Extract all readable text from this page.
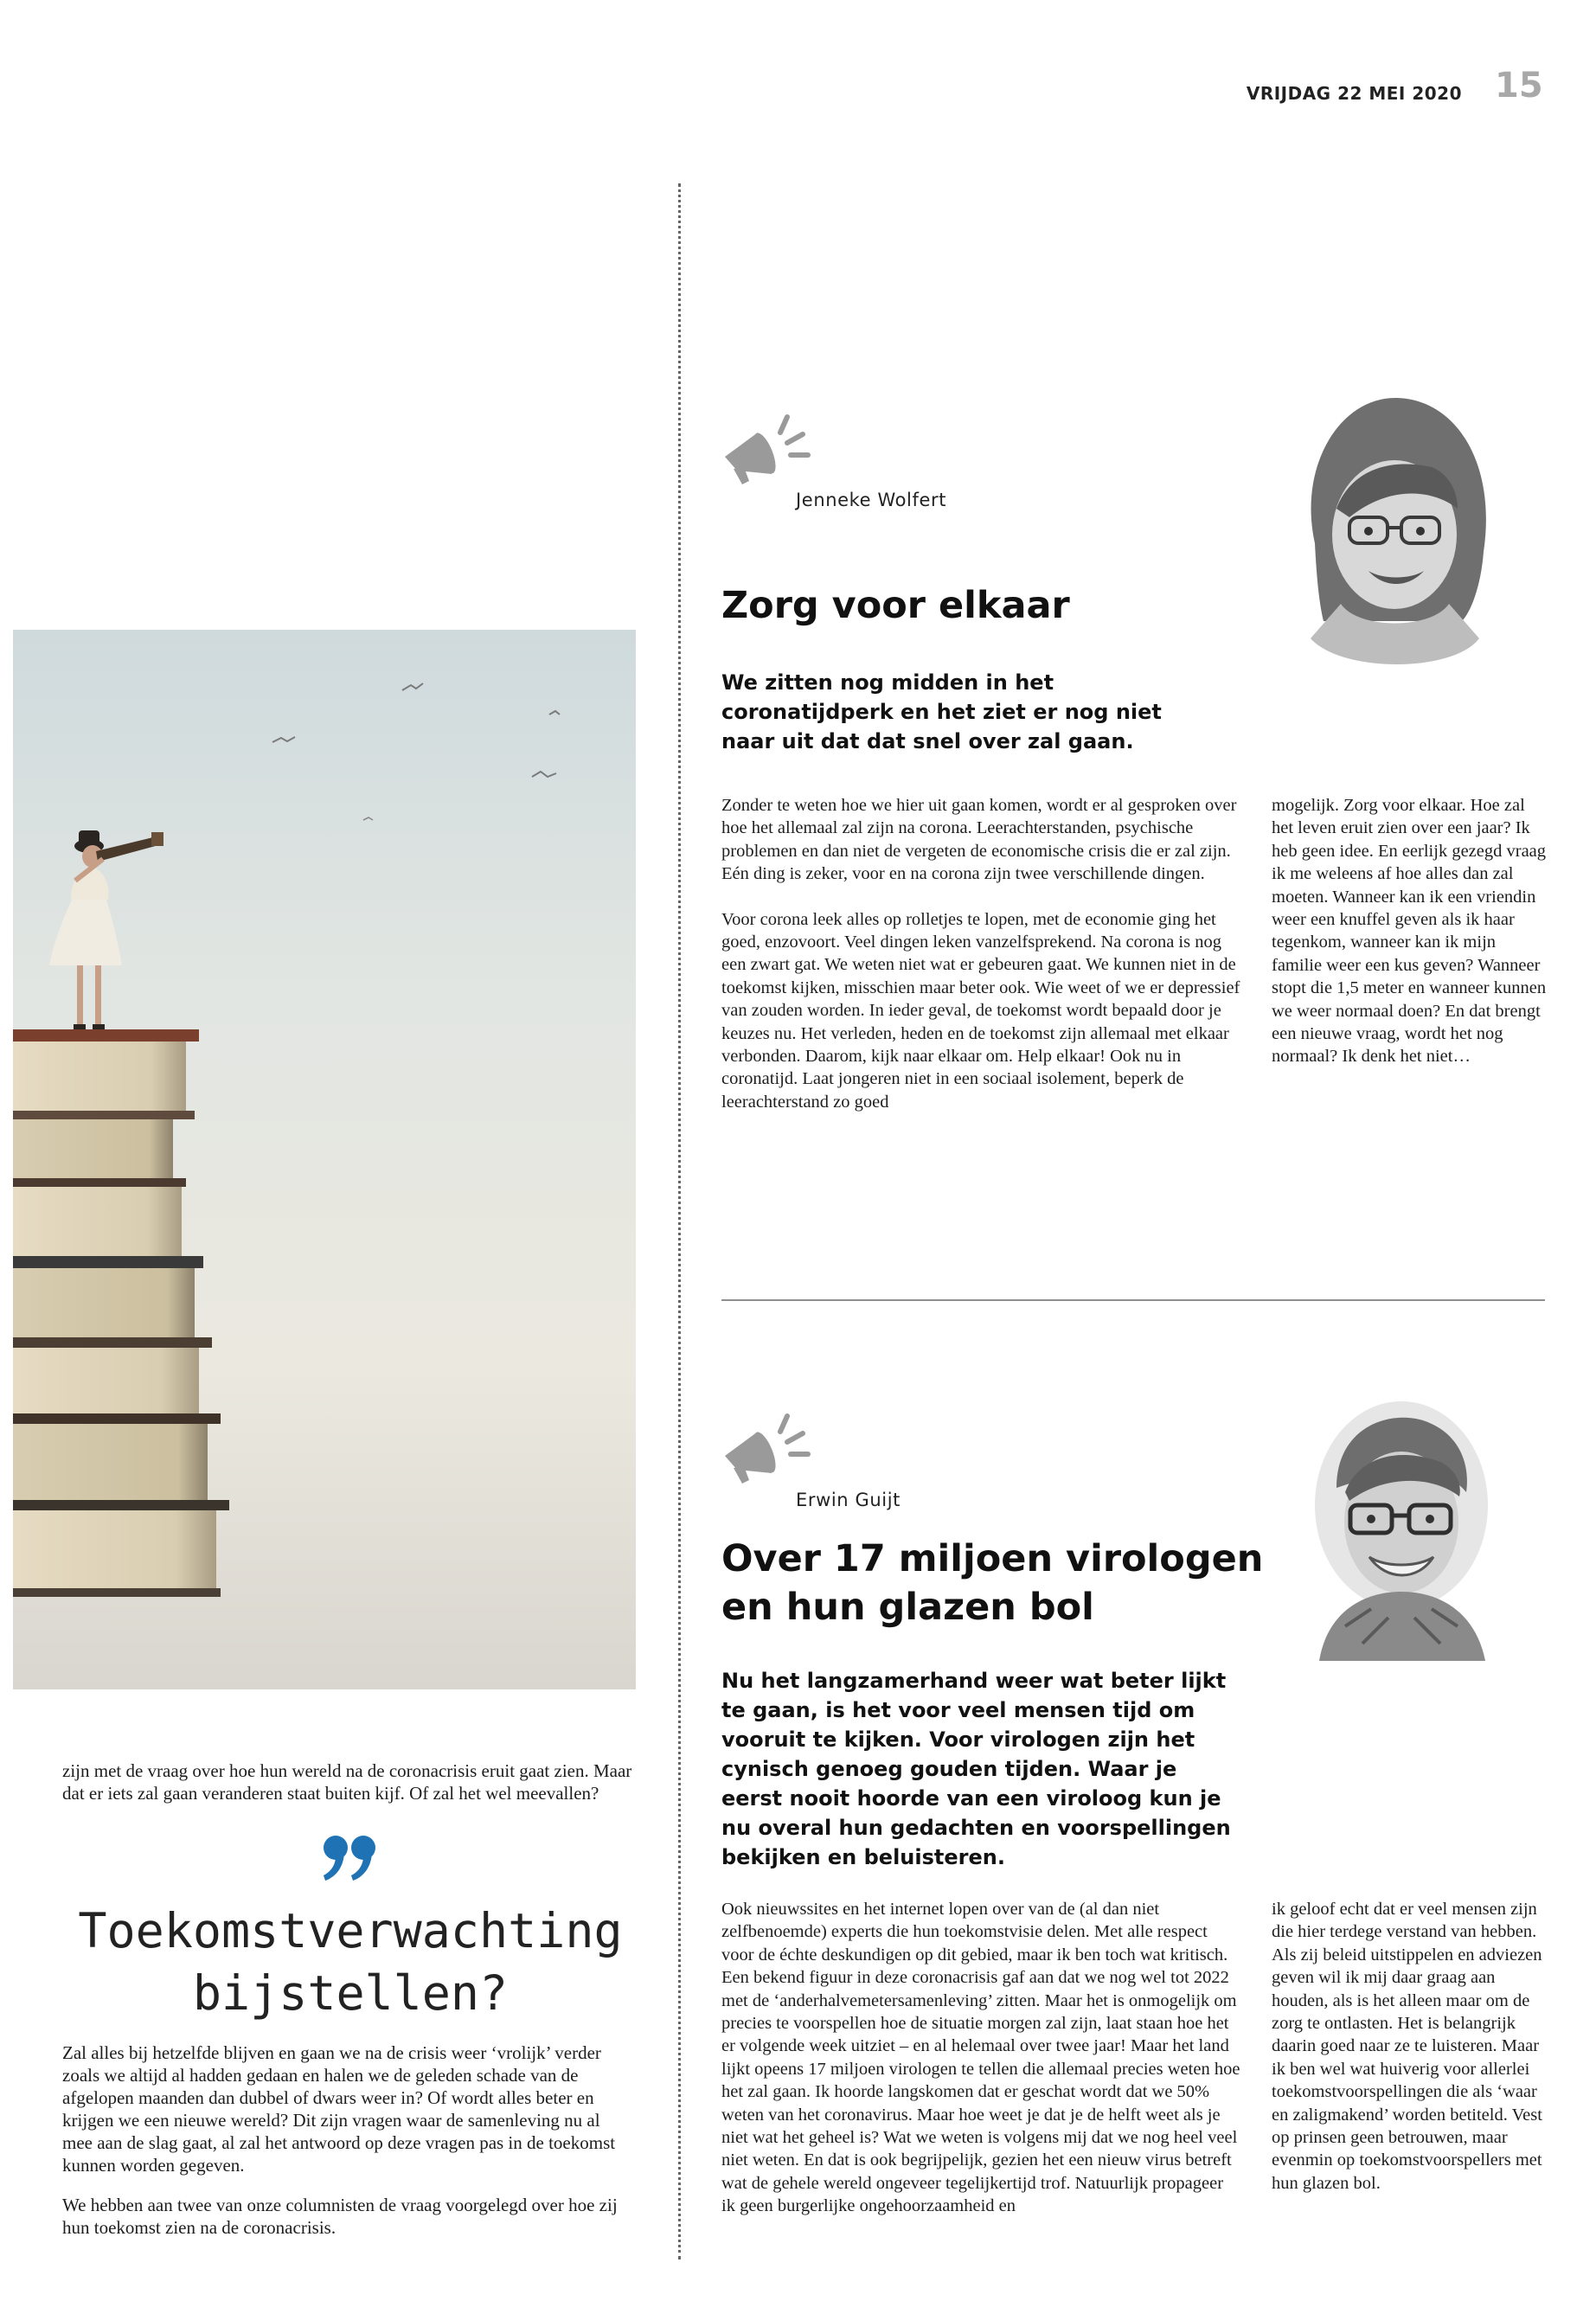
VRIJDAG 22 MEI 2020 15
zijn met de vraag over hoe hun wereld na de coronacrisis eruit gaat zien. Maar dat er iets zal gaan veranderen staat buiten kijf. Of zal het wel meevallen?
Toekomstverwachting
bijstellen?
Zal alles bij hetzelfde blijven en gaan we na de crisis weer ‘vrolijk’ verder zoals we altijd al hadden gedaan en halen we de geleden schade van de afgelopen maanden dan dubbel of dwars weer in? Of wordt alles beter en krijgen we een nieuwe wereld? Dit zijn vragen waar de samenleving nu al mee aan de slag gaat, al zal het antwoord op deze vragen pas in de toekomst kunnen worden gegeven.
We hebben aan twee van onze columnisten de vraag voorgelegd over hoe zij hun toekomst zien na de coronacrisis.
Jenneke Wolfert
Zorg voor elkaar
We zitten nog midden in het coronatijdperk en het ziet er nog niet naar uit dat dat snel over zal gaan.

Zonder te weten hoe we hier uit gaan komen, wordt er al gesproken over hoe het allemaal zal zijn na corona. Leerachterstanden, psychische problemen en dan niet de vergeten de economische crisis die er zal zijn. Eén ding is zeker, voor en na corona zijn twee verschillende dingen.

Voor corona leek alles op rolletjes te lopen, met de economie ging het goed, enzovoort. Veel dingen leken vanzelfsprekend. Na corona is nog een zwart gat. We weten niet wat er gebeuren gaat. We kunnen niet in de toekomst kijken, misschien maar beter ook. Wie weet of we er depressief van zouden worden. In ieder geval, de toekomst wordt bepaald door je keuzes nu. Het verleden, heden en de toekomst zijn allemaal met elkaar verbonden. Daarom, kijk naar elkaar om. Help elkaar! Ook nu in coronatijd. Laat jongeren niet in een sociaal isolement, beperk de leerachterstand zo goed

mogelijk. Zorg voor elkaar. Hoe zal het leven eruit zien over een jaar? Ik heb geen idee. En eerlijk gezegd vraag ik me weleens af hoe alles dan zal moeten. Wanneer kan ik een vriendin weer een knuffel geven als ik haar tegenkom, wanneer kan ik mijn familie weer een kus geven? Wanneer stopt die 1,5 meter en wanneer kunnen we weer normaal doen? En dat brengt een nieuwe vraag, wordt het nog normaal? Ik denk het niet…
Erwin Guijt
Over 17 miljoen virologen
en hun glazen bol
Nu het langzamerhand weer wat beter lijkt te gaan, is het voor veel mensen tijd om vooruit te kijken. Voor virologen zijn het cynisch genoeg gouden tijden. Waar je eerst nooit hoorde van een viroloog kun je nu overal hun gedachten en voorspellingen bekijken en beluisteren.
Ook nieuwssites en het internet lopen over van de (al dan niet zelfbenoemde) experts die hun toekomstvisie delen. Met alle respect voor de échte deskundigen op dit gebied, maar ik ben toch wat kritisch. Een bekend figuur in deze coronacrisis gaf aan dat we nog wel tot 2022 met de ‘anderhalvemetersamenleving’ zitten. Maar het is onmogelijk om precies te voorspellen hoe de situatie morgen zal zijn, laat staan hoe het er volgende week uitziet – en al helemaal over twee jaar! Maar het land lijkt opeens 17 miljoen virologen te tellen die allemaal precies weten hoe het zal gaan. Ik hoorde langskomen dat er geschat wordt dat we 50% weten van het coronavirus. Maar hoe weet je dat je de helft weet als je niet wat het geheel is? Wat we weten is volgens mij dat we nog heel veel niet weten. En dat is ook begrijpelijk, gezien het een nieuw virus betreft wat de gehele wereld ongeveer tegelijkertijd trof. Natuurlijk propageer ik geen burgerlijke ongehoorzaamheid en
ik geloof echt dat er veel mensen zijn die hier terdege verstand van hebben. Als zij beleid uitstippelen en adviezen geven wil ik mij daar graag aan houden, als is het alleen maar om de zorg te ontlasten. Het is belangrijk daarin goed naar ze te luisteren. Maar ik ben wel wat huiverig voor allerlei toekomstvoorspellingen die als ‘waar en zaligmakend’ worden betiteld. Vest op prinsen geen betrouwen, maar evenmin op toekomstvoorspellers met hun glazen bol.
